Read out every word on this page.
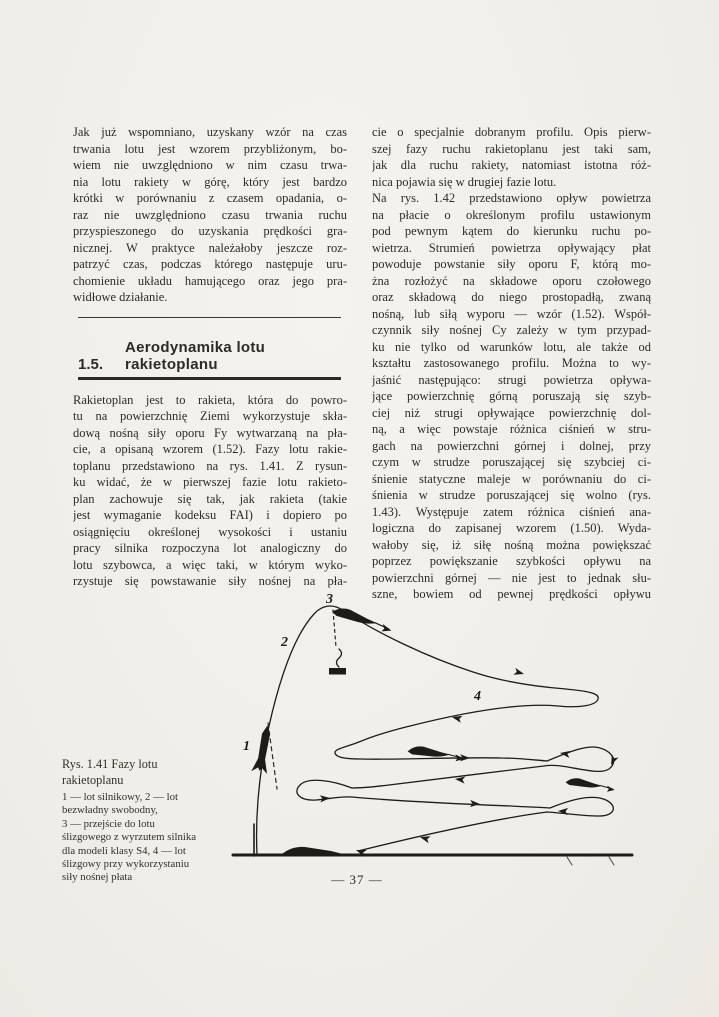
Jak już wspomniano, uzyskany wzór na czas
trwania lotu jest wzorem przybliżonym, bo-
wiem nie uwzględniono w nim czasu trwa-
nia lotu rakiety w górę, który jest bardzo
krótki w porównaniu z czasem opadania, o-
raz nie uwzględniono czasu trwania ruchu
przyspieszonego do uzyskania prędkości gra-
nicznej. W praktyce należałoby jeszcze roz-
patrzyć czas, podczas którego następuje uru-
chomienie układu hamującego oraz jego pra-
widłowe działanie.
1.5.
Aerodynamika lotu
rakietoplanu
Rakietoplan jest to rakieta, która do powro-
tu na powierzchnię Ziemi wykorzystuje skła-
dową nośną siły oporu Fy wytwarzaną na pła-
cie, a opisaną wzorem (1.52). Fazy lotu rakie-
toplanu przedstawiono na rys. 1.41. Z rysun-
ku widać, że w pierwszej fazie lotu rakieto-
plan zachowuje się tak, jak rakieta (takie
jest wymaganie kodeksu FAI) i dopiero po
osiągnięciu określonej wysokości i ustaniu
pracy silnika rozpoczyna lot analogiczny do
lotu szybowca, a więc taki, w którym wyko-
rzystuje się powstawanie siły nośnej na pła-
cie o specjalnie dobranym profilu. Opis pierw-
szej fazy ruchu rakietoplanu jest taki sam,
jak dla ruchu rakiety, natomiast istotna róż-
nica pojawia się w drugiej fazie lotu.
Na rys. 1.42 przedstawiono opływ powietrza
na płacie o określonym profilu ustawionym
pod pewnym kątem do kierunku ruchu po-
wietrza. Strumień powietrza opływający płat
powoduje powstanie siły oporu F, którą mo-
żna rozłożyć na składowe oporu czołowego
oraz składową do niego prostopadłą, zwaną
nośną, lub siłą wyporu — wzór (1.52). Współ-
czynnik siły nośnej Cy zależy w tym przypad-
ku nie tylko od warunków lotu, ale także od
kształtu zastosowanego profilu. Można to wy-
jaśnić następująco: strugi powietrza opływa-
jące powierzchnię górną poruszają się szyb-
ciej niż strugi opływające powierzchnię dol-
ną, a więc powstaje różnica ciśnień w stru-
gach na powierzchni górnej i dolnej, przy
czym w strudze poruszającej się szybciej ci-
śnienie statyczne maleje w porównaniu do ci-
śnienia w strudze poruszającej się wolno (rys.
1.43). Występuje zatem różnica ciśnień ana-
logiczna do zapisanej wzorem (1.50). Wyda-
wałoby się, iż siłę nośną można powiększać
poprzez powiększanie szybkości opływu na
powierzchni górnej — nie jest to jednak słu-
szne, bowiem od pewnej prędkości opływu
1
2
3
4
Rys. 1.41 Fazy lotu
rakietoplanu
1 — lot silnikowy, 2 — lot
bezwładny swobodny,
3 — przejście do lotu
ślizgowego z wyrzutem silnika
dla modeli klasy S4, 4 — lot
ślizgowy przy wykorzystaniu
siły nośnej płata	— 37 —
